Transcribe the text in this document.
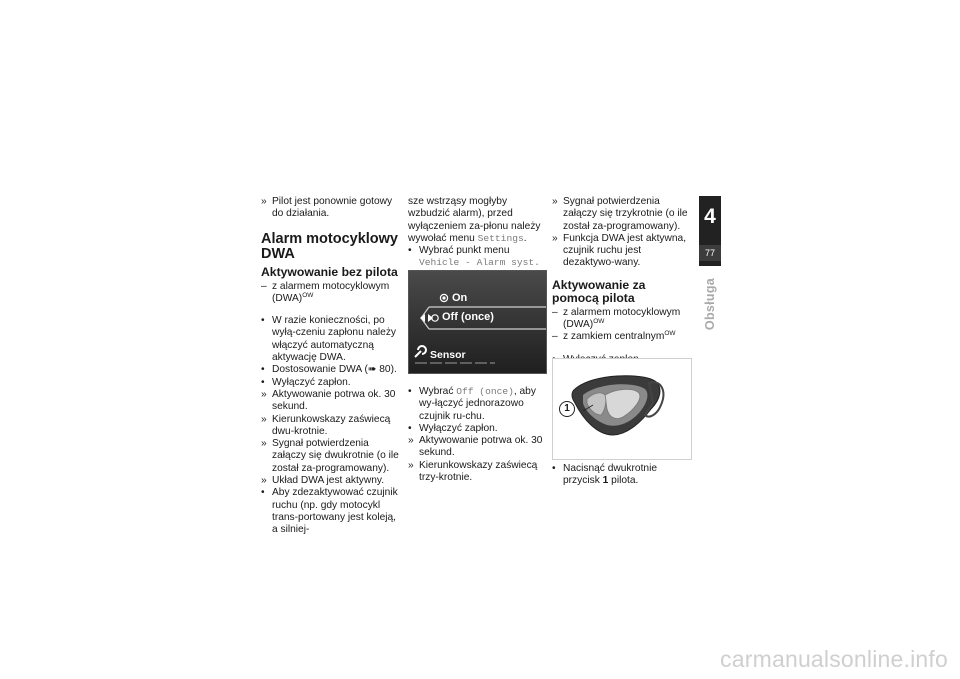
» Pilot jest ponownie gotowy do działania.
Alarm motocyklowy DWA
Aktywowanie bez pilota
– z alarmem motocyklowym (DWA)$^{OW}$
• W razie konieczności, po wyłą-czeniu zapłonu należy włączyć automatyczną aktywację DWA.
• Dostosowanie DWA (➠ 80).
• Wyłączyć zapłon.
» Aktywowanie potrwa ok. 30 sekund.
» Kierunkowskazy zaświecą dwu-krotnie.
» Sygnał potwierdzenia załączy się dwukrotnie (o ile został za-programowany).
» Układ DWA jest aktywny.
• Aby zdezaktywować czujnik ruchu (np. gdy motocykl trans-portowany jest koleją, a silniej-
sze wstrząsy mogłyby wzbudzić alarm), przed wyłączeniem za-płonu należy wywołać menu Settings.
• Wybrać punkt menu Vehicle - Alarm syst.
On
Off (once)
Sensor
• Wybrać Off (once), aby wy-łączyć jednorazowo czujnik ru-chu.
• Wyłączyć zapłon.
» Aktywowanie potrwa ok. 30 sekund.
» Kierunkowskazy zaświecą trzy-krotnie.
» Sygnał potwierdzenia załączy się trzykrotnie (o ile został za-programowany).
» Funkcja DWA jest aktywna, czujnik ruchu jest dezaktywo-wany.
Aktywowanie za pomocą pilota
– z alarmem motocyklowym (DWA)$^{OW}$
– z zamkiem centralnym$^{OW}$
1
• Nacisnąć dwukrotnie przycisk 1 pilota.
4
77
Obsługa
carmanualsonline.info
